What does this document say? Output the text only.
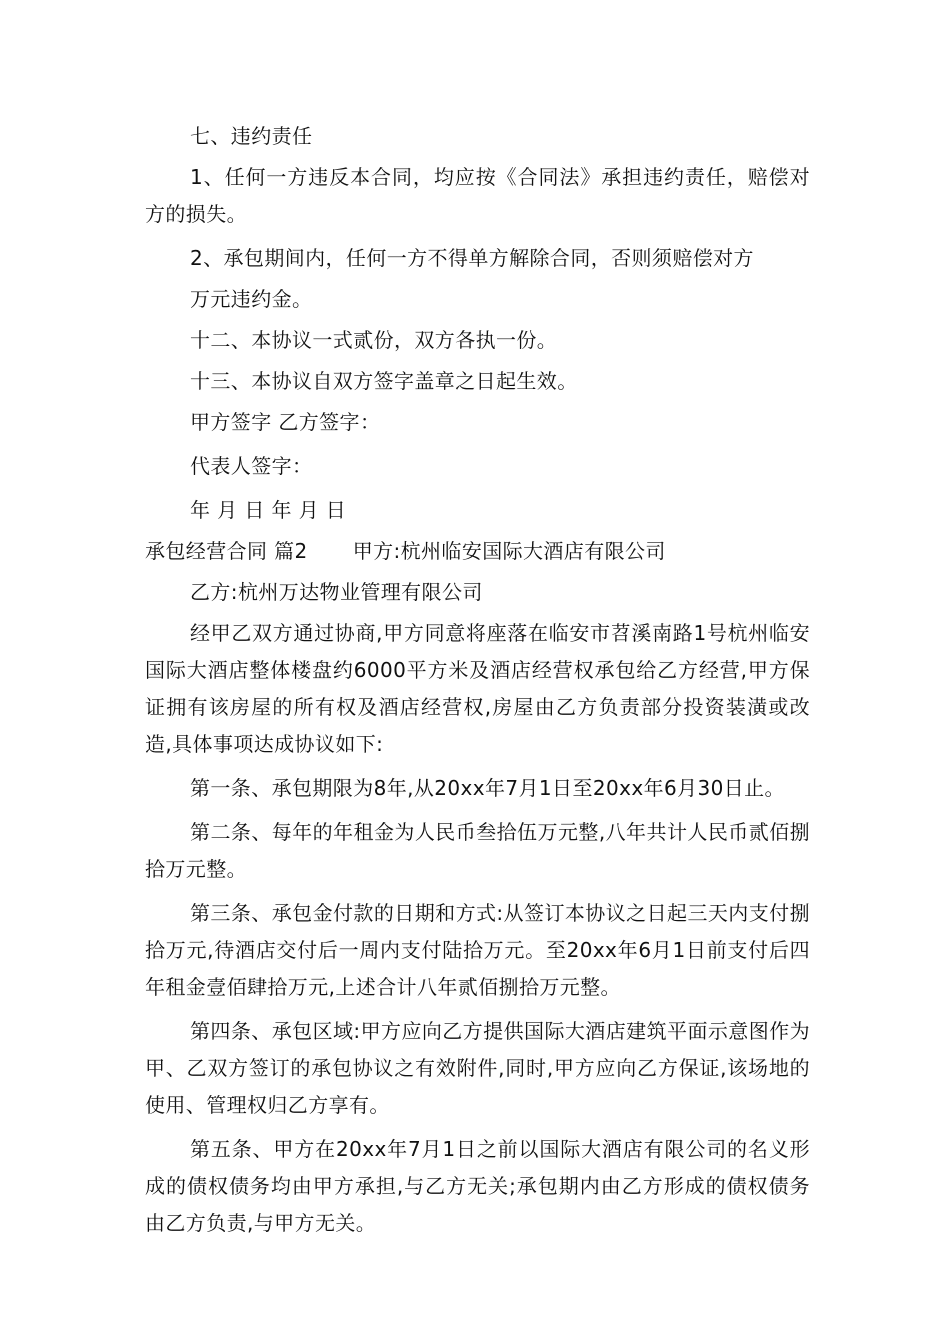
七、违约责任

1、任何一方违反本合同，均应按《合同法》承担违约责任，赔偿对方的损失。

2、承包期间内，任何一方不得单方解除合同，否则须赔偿对方

万元违约金。

十二、本协议一式贰份，双方各执一份。

十三、本协议自双方签字盖章之日起生效。

甲方签字 乙方签字：

代表人签字：

年 月 日 年 月 日

承包经营合同 篇2 甲方:杭州临安国际大酒店有限公司

乙方:杭州万达物业管理有限公司

经甲乙双方通过协商,甲方同意将座落在临安市苕溪南路1号杭州临安国际大酒店整体楼盘约6000平方米及酒店经营权承包给乙方经营,甲方保证拥有该房屋的所有权及酒店经营权,房屋由乙方负责部分投资装潢或改造,具体事项达成协议如下:

第一条、承包期限为8年,从20xx年7月1日至20xx年6月30日止。

第二条、每年的年租金为人民币叁拾伍万元整,八年共计人民币贰佰捌拾万元整。

第三条、承包金付款的日期和方式:从签订本协议之日起三天内支付捌拾万元,待酒店交付后一周内支付陆拾万元。至20xx年6月1日前支付后四年租金壹佰肆拾万元,上述合计八年贰佰捌拾万元整。

第四条、承包区域:甲方应向乙方提供国际大酒店建筑平面示意图作为甲、乙双方签订的承包协议之有效附件,同时,甲方应向乙方保证,该场地的使用、管理权归乙方享有。

第五条、甲方在20xx年7月1日之前以国际大酒店有限公司的名义形成的债权债务均由甲方承担,与乙方无关;承包期内由乙方形成的债权债务由乙方负责,与甲方无关。
